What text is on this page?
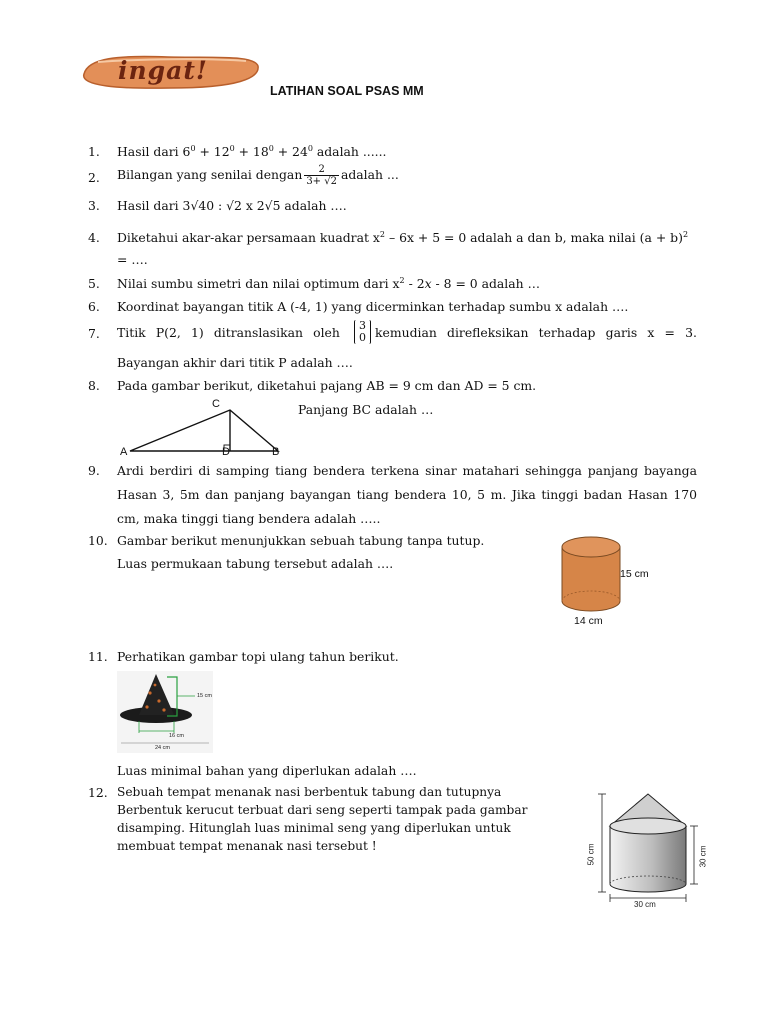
ingat!
LATIHAN SOAL PSAS MM
1.	Hasil dari $6^0 + 12^0 + 18^0 + 24^0$ adalah ......
2.	Bilangan yang senilai dengan $\frac{2}{3+ √2}$ adalah ...
3.	Hasil dari 3√40 : √2 x 2√5 adalah ….
4.	Diketahui akar-akar persamaan kuadrat $x^2 - 6x + 5 = 0$ adalah a dan b, maka nilai $(a + b)^2$
= ….
5.	Nilai sumbu simetri dan nilai optimum dari $x^2$ - 2𝑥 - 8 = 0 adalah …
6.	Koordinat bayangan titik A (-4, 1) yang dicerminkan terhadap sumbu x adalah ….
7.	Titik P(2, 1) ditranslasikan oleh 3
0 kemudian direfleksikan terhadap garis x = 3.
Bayangan akhir dari titik P adalah ….
8.	Pada gambar berikut, diketahui pajang AB = 9 cm dan AD = 5 cm.
Panjang BC adalah …
C
A	D	B
9.	Ardi berdiri di samping tiang bendera terkena sinar matahari sehingga panjang bayanga
Hasan 3, 5m dan panjang bayangan tiang bendera 10, 5 m. Jika tinggi badan Hasan 170
cm, maka tinggi tiang bendera adalah …..
10. Gambar berikut menunjukkan sebuah tabung tanpa tutup.
Luas permukaan tabung tersebut adalah ….
15 cm
14 cm
11. Perhatikan gambar topi ulang tahun berikut.
15 cm
16 cm
24 cm
Luas minimal bahan yang diperlukan adalah ….
12. Sebuah tempat menanak nasi berbentuk tabung dan tutupnya
Berbentuk kerucut terbuat dari seng seperti tampak pada gambar
disamping. Hitunglah luas minimal seng yang diperlukan untuk
membuat tempat menanak nasi tersebut !	50 cm	30 cm
30 cm
